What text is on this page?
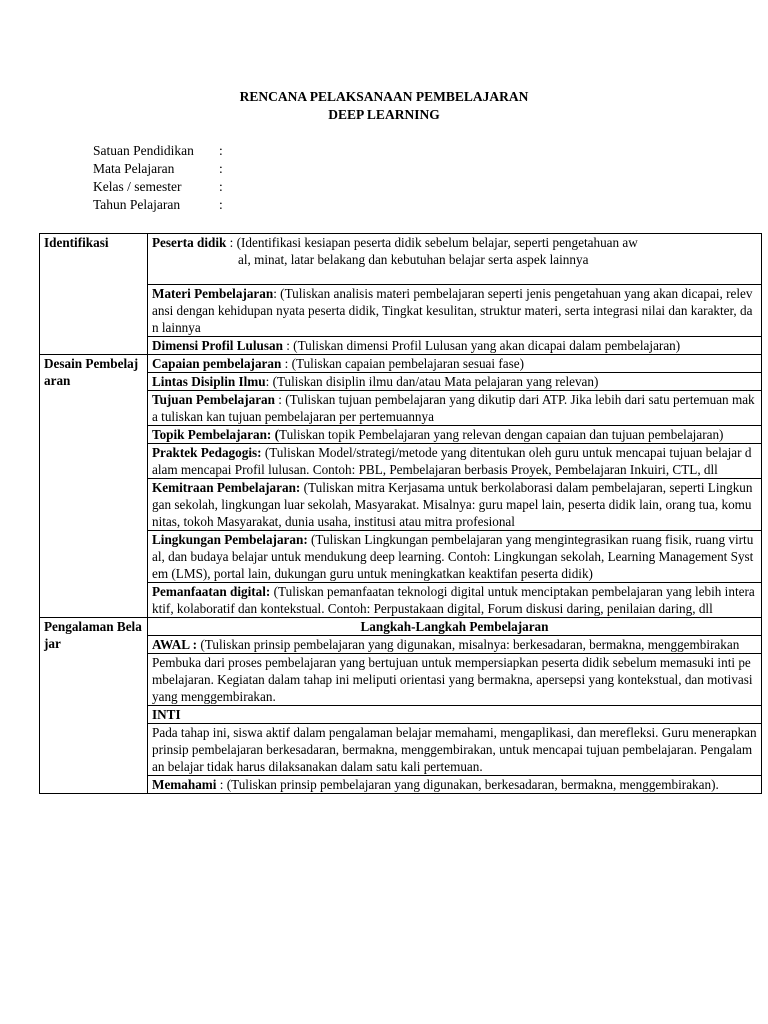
RENCANA PELAKSANAAN PEMBELAJARAN
DEEP LEARNING
Satuan Pendidikan :
Mata Pelajaran	:
Kelas / semester	:
Tahun Pelajaran	:
Identifikasi	Peserta didik : (Identifikasi kesiapan peserta didik sebelum belajar, seperti pengetahuan aw
al, minat, latar belakang dan kebutuhan belajar serta aspek lainnya

	Materi Pembelajaran: (Tuliskan analisis materi pembelajaran seperti jenis pengetahuan yang akan dicapai, relevansi dengan kehidupan nyata peserta didik, Tingkat kesulitan, struktur materi, serta integrasi nilai dan karakter, dan lainnya
	Dimensi Profil Lulusan : (Tuliskan dimensi Profil Lulusan yang akan dicapai dalam pembelajaran)
Desain Pembelajaran	Capaian pembelajaran : (Tuliskan capaian pembelajaran sesuai fase)
	Lintas Disiplin Ilmu: (Tuliskan disiplin ilmu dan/atau Mata pelajaran yang relevan)
	Tujuan Pembelajaran : (Tuliskan tujuan pembelajaran yang dikutip dari ATP. Jika lebih dari satu pertemuan maka tuliskan kan tujuan pembelajaran per pertemuannya
	Topik Pembelajaran: (Tuliskan topik Pembelajaran yang relevan dengan capaian dan tujuan pembelajaran)
	Praktek Pedagogis: (Tuliskan Model/strategi/metode yang ditentukan oleh guru untuk mencapai tujuan belajar dalam mencapai Profil lulusan. Contoh: PBL, Pembelajaran berbasis Proyek, Pembelajaran Inkuiri, CTL, dll
	Kemitraan Pembelajaran: (Tuliskan mitra Kerjasama untuk berkolaborasi dalam pembelajaran, seperti Lingkungan sekolah, lingkungan luar sekolah, Masyarakat. Misalnya: guru mapel lain, peserta didik lain, orang tua, komunitas, tokoh Masyarakat, dunia usaha, institusi atau mitra profesional
	Lingkungan Pembelajaran: (Tuliskan Lingkungan pembelajaran yang mengintegrasikan ruang fisik, ruang virtual, dan budaya belajar untuk mendukung deep learning. Contoh: Lingkungan sekolah, Learning Management System (LMS), portal lain, dukungan guru untuk meningkatkan keaktifan peserta didik)
	Pemanfaatan digital: (Tuliskan pemanfaatan teknologi digital untuk menciptakan pembelajaran yang lebih interaktif, kolaboratif dan kontekstual. Contoh: Perpustakaan digital, Forum diskusi daring, penilaian daring, dll
Pengalaman Belajar	Langkah-Langkah Pembelajaran
	AWAL : (Tuliskan prinsip pembelajaran yang digunakan, misalnya: berkesadaran, bermakna, menggembirakan
	Pembuka dari proses pembelajaran yang bertujuan untuk mempersiapkan peserta didik sebelum memasuki inti pembelajaran. Kegiatan dalam tahap ini meliputi orientasi yang bermakna, apersepsi yang kontekstual, dan motivasi yang menggembirakan.
	INTI
	Pada tahap ini, siswa aktif dalam pengalaman belajar memahami, mengaplikasi, dan merefleksi. Guru menerapkan prinsip pembelajaran berkesadaran, bermakna, menggembirakan, untuk mencapai tujuan pembelajaran. Pengalaman belajar tidak harus dilaksanakan dalam satu kali pertemuan.
	Memahami : (Tuliskan prinsip pembelajaran yang digunakan, berkesadaran, bermakna, menggembirakan).
